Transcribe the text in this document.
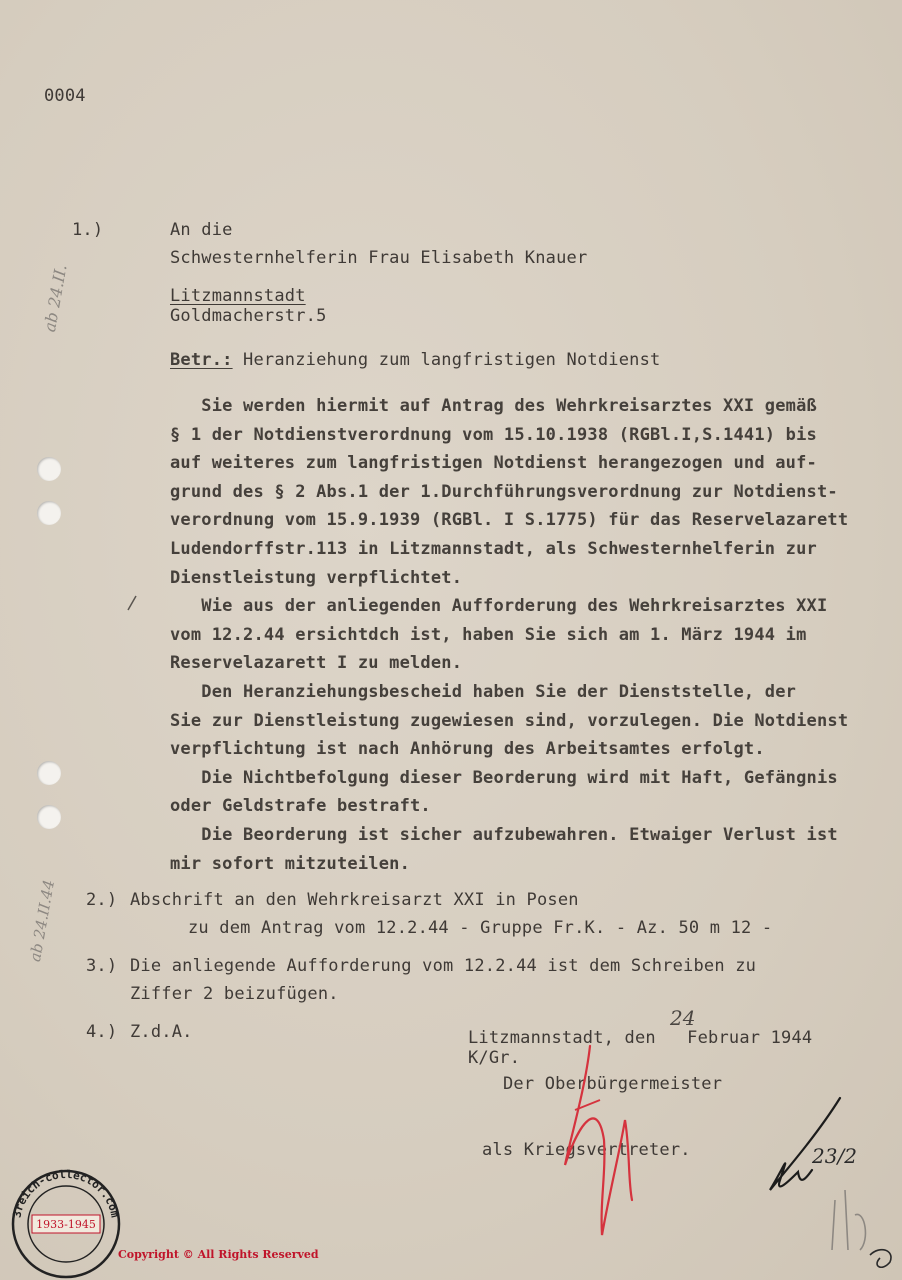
0004
1.)	An die
Schwesternhelferin Frau Elisabeth Knauer
Litzmannstadt
Goldmacherstr.5
Betr.: Heranziehung zum langfristigen Notdienst
Sie werden hiermit auf Antrag des Wehrkreisarztes XXI gemäß
§ 1 der Notdienstverordnung vom 15.10.1938 (RGBl.I,S.1441) bis
auf weiteres zum langfristigen Notdienst herangezogen und auf-
grund des § 2 Abs.1 der 1.Durchführungsverordnung zur Notdienst-
verordnung vom 15.9.1939 (RGBl. I S.1775) für das Reservelazarett
Ludendorffstr.113 in Litzmannstadt, als Schwesternhelferin zur
Dienstleistung verpflichtet.
Wie aus der anliegenden Aufforderung des Wehrkreisarztes XXI
vom 12.2.44 ersichtdch ist, haben Sie sich am 1. März 1944 im
Reservelazarett I zu melden.
Den Heranziehungsbescheid haben Sie der Dienststelle, der
Sie zur Dienstleistung zugewiesen sind, vorzulegen. Die Notdienst
verpflichtung ist nach Anhörung des Arbeitsamtes erfolgt.
Die Nichtbefolgung dieser Beorderung wird mit Haft, Gefängnis
oder Geldstrafe bestraft.
Die Beorderung ist sicher aufzubewahren. Etwaiger Verlust ist
mir sofort mitzuteilen.
2.) Abschrift an den Wehrkreisarzt XXI in Posen
zu dem Antrag vom 12.2.44 - Gruppe Fr.K. - Az. 50 m 12 -
3.) Die anliegende Aufforderung vom 12.2.44 ist dem Schreiben zu
Ziffer 2 beizufügen.
4.) Z.d.A.	Litzmannstadt, den Februar 1944
24
K/Gr.
Der Oberbürgermeister
als Kriegsvertreter.	23/2
ab 24.II.
ab 24.II.44
3reich-collector.com
1933-1945
Copyright © All Rights Reserved
